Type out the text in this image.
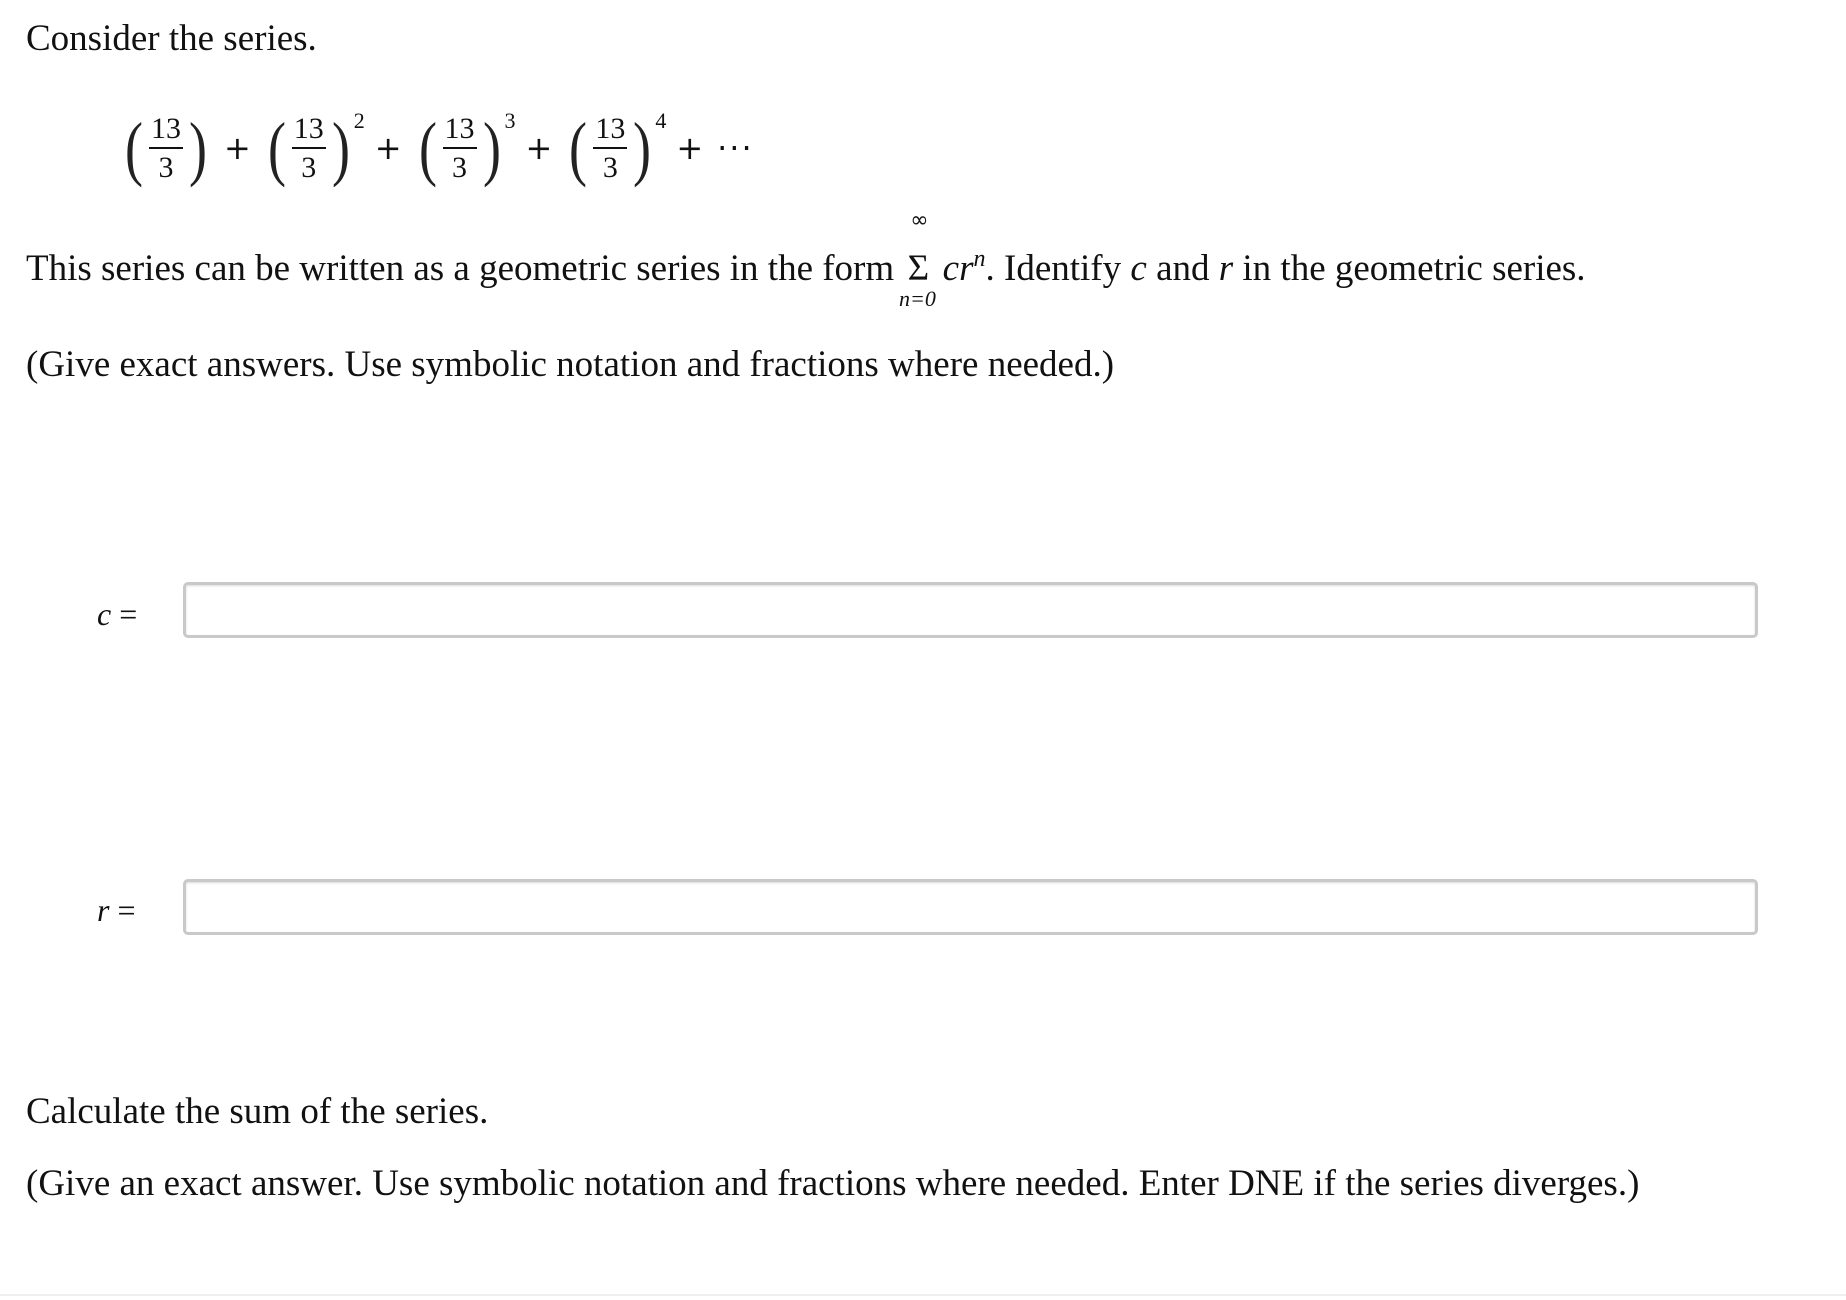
Consider the series.
( $\frac{13}{3}$ ) + ( $\frac{13}{3}$ ) 2
+ ( $\frac{13}{3}$ ) 3
+ ( $\frac{13}{3}$ ) 4
+ ···
This series can be written as a geometric series in the form
∞
Σ
n=0
$cr^n$. Identify c and r in the geometric series.
(Give exact answers. Use symbolic notation and fractions where needed.)
c =
r =
Calculate the sum of the series.
(Give an exact answer. Use symbolic notation and fractions where needed. Enter DNE if the series diverges.)
